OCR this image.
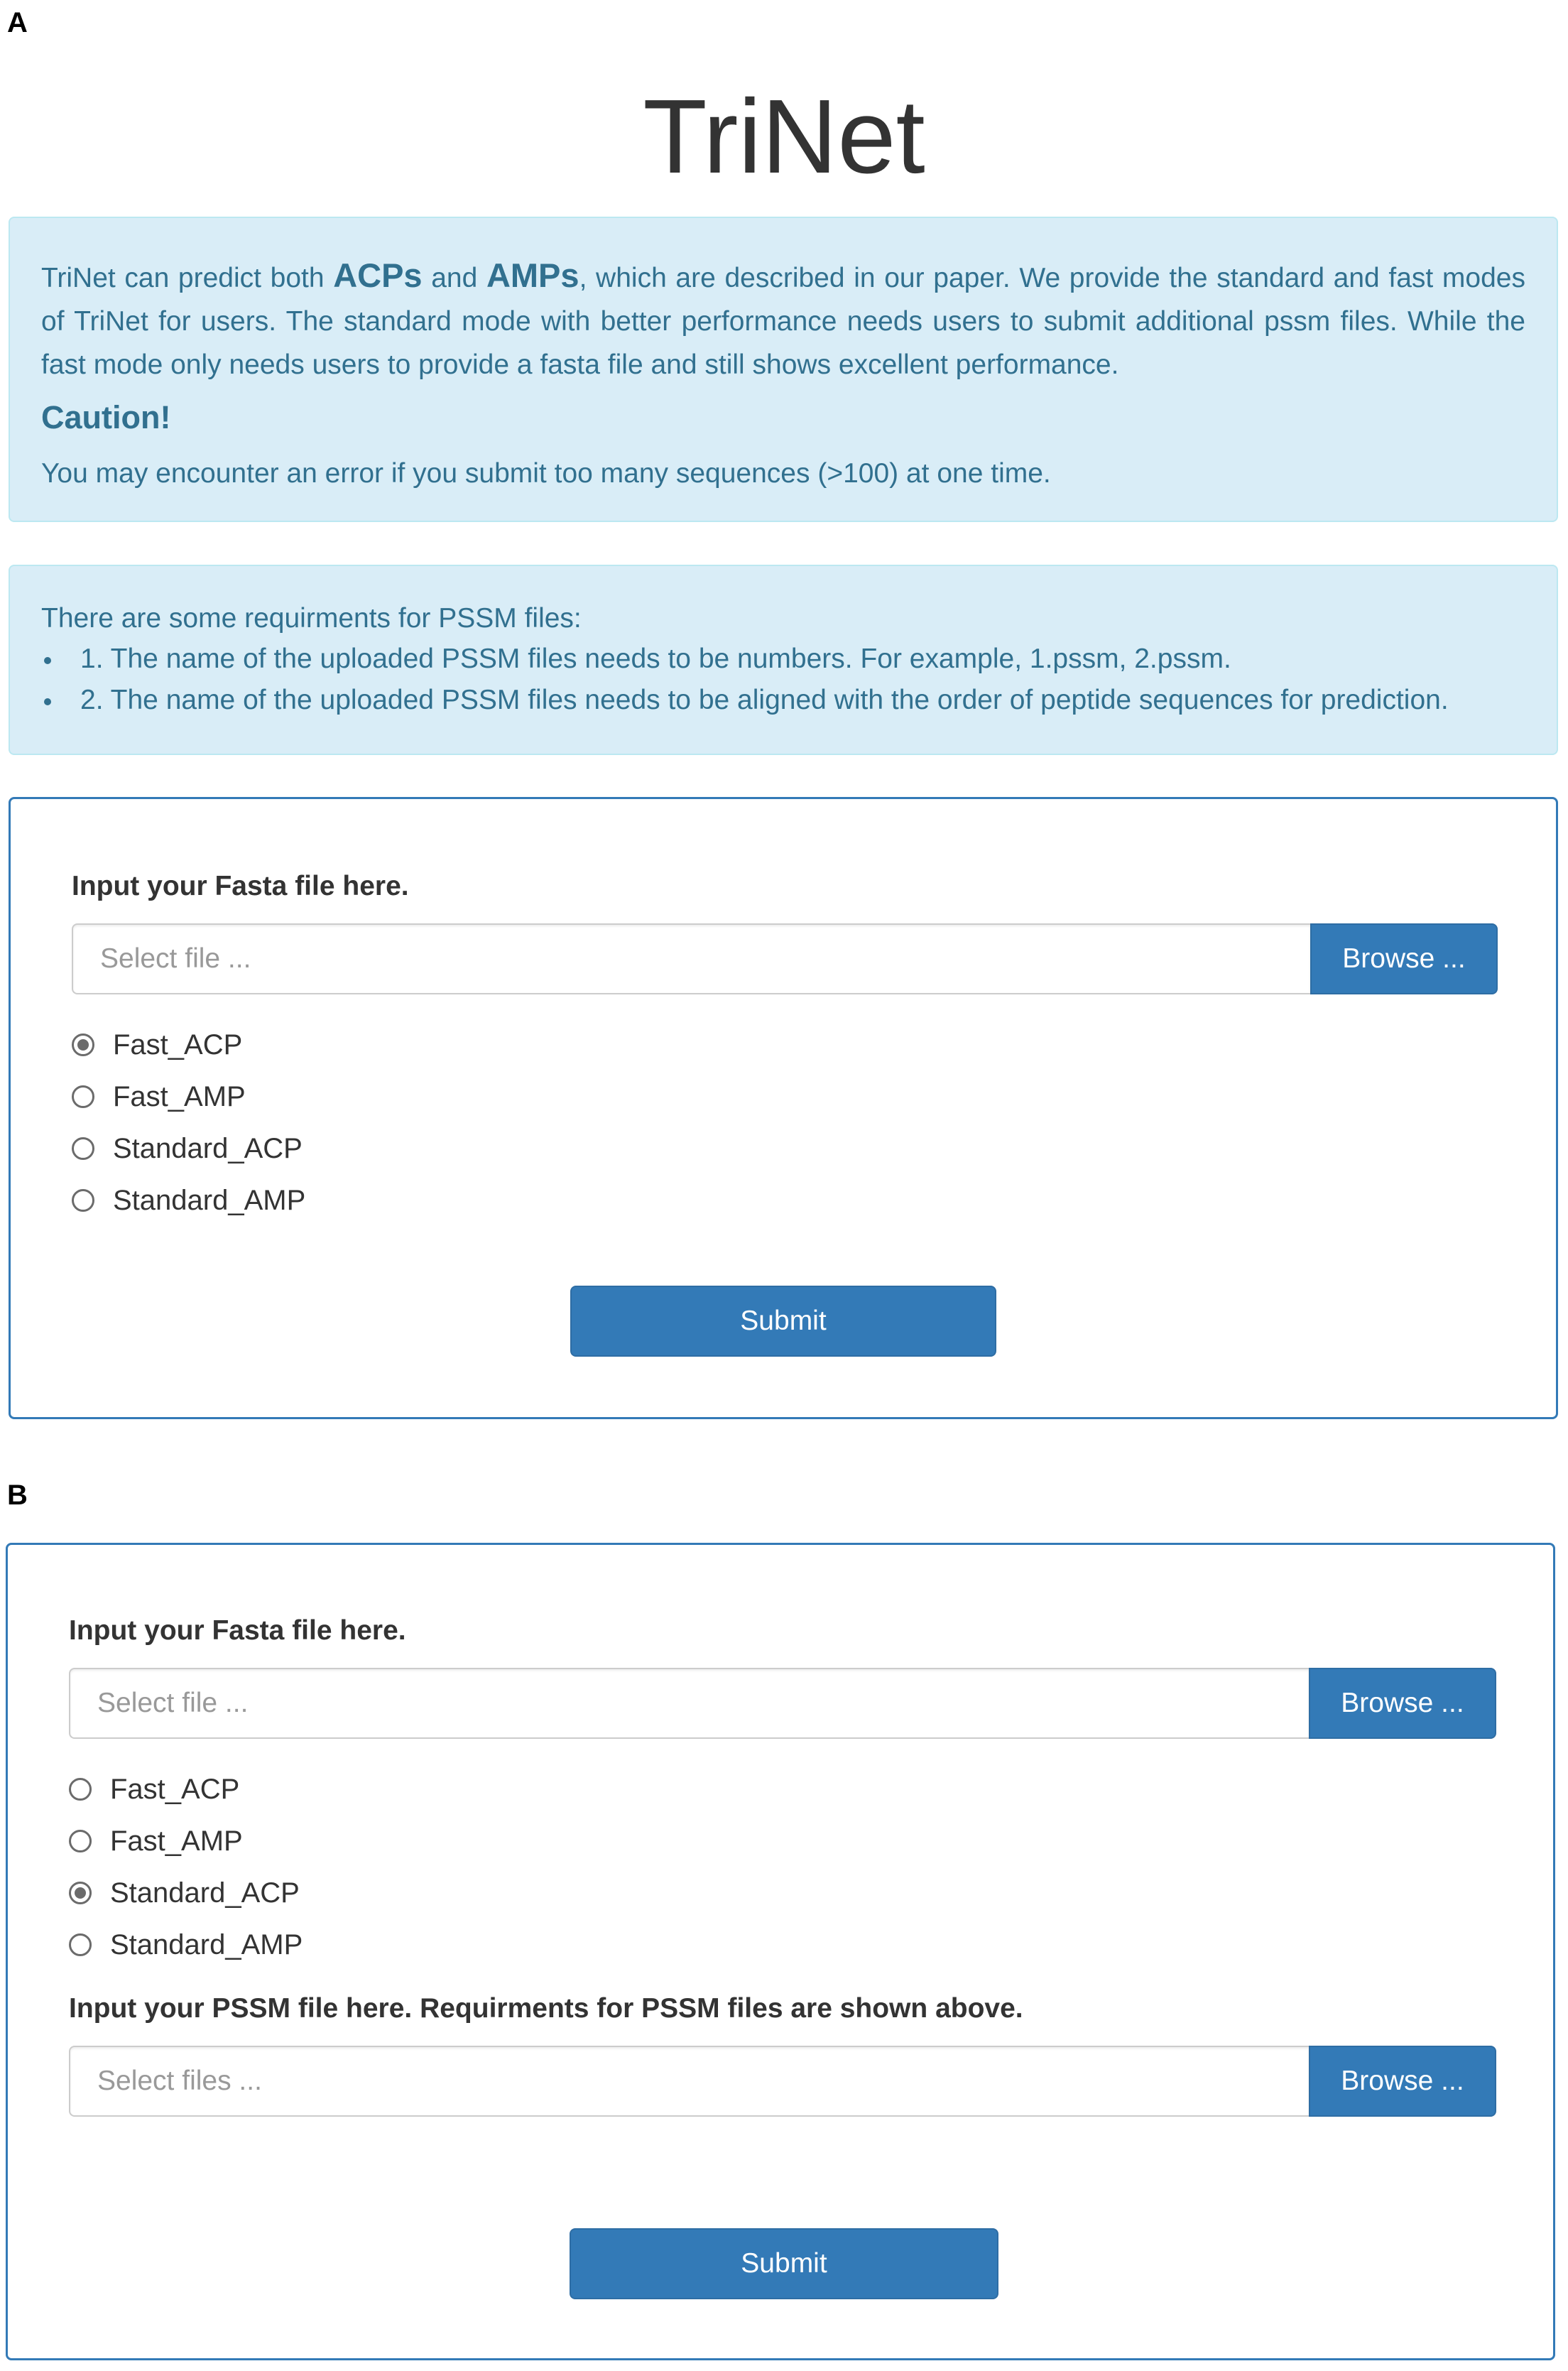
A
TriNet

TriNet can predict both ACPs and AMPs, which are described in our paper. We provide the standard and fast modes of TriNet for users. The standard mode with better performance needs users to submit additional pssm files. While the fast mode only needs users to provide a fasta file and still shows excellent performance.

Caution!

You may encounter an error if you submit too many sequences (>100) at one time.

There are some requirments for PSSM files:

1. The name of the uploaded PSSM files needs to be numbers. For example, 1.pssm, 2.pssm.
2. The name of the uploaded PSSM files needs to be aligned with the order of peptide sequences for prediction.
Input your Fasta file here.
Select file ...	Browse ...
Fast_ACP
Fast_AMP
Standard_ACP
Standard_AMP
Submit
B
Input your Fasta file here.
Select file ...	Browse ...
Fast_ACP
Fast_AMP
Standard_ACP
Standard_AMP
Input your PSSM file here. Requirments for PSSM files are shown above.
Select files ...	Browse ...
Submit
